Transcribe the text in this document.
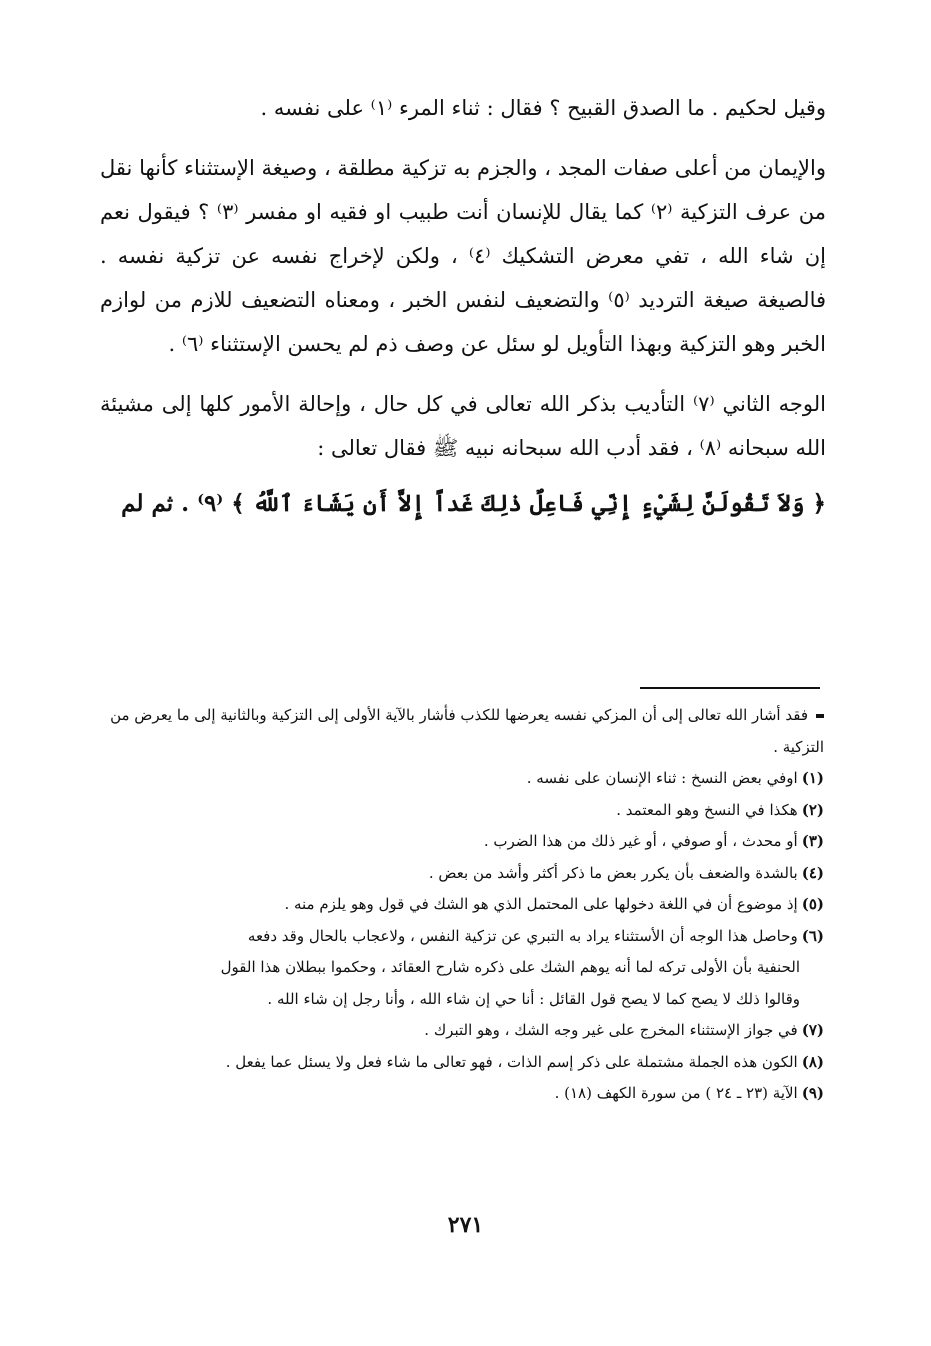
وقيل لحكيم . ما الصدق القبيح ؟ فقال : ثناء المرء ⁽١⁾ على نفسه .

والإيمان من أعلى صفات المجد ، والجزم به تزكية مطلقة ، وصيغة الإستثناء كأنها نقل من عرف التزكية ⁽٢⁾ كما يقال للإنسان أنت طبيب او فقيه او مفسر ⁽٣⁾ ؟ فيقول نعم إن شاء الله ، تفي معرض التشكيك ⁽٤⁾ ، ولكن لإخراج نفسه عن تزكية نفسه . فالصيغة صيغة الترديد ⁽٥⁾ والتضعيف لنفس الخبر ، ومعناه التضعيف للازم من لوازم الخبر وهو التزكية وبهذا التأويل لو سئل عن وصف ذم لم يحسن الإستثناء ⁽٦⁾ .

الوجه الثاني ⁽٧⁾ التأديب بذكر الله تعالى في كل حال ، وإحالة الأمور كلها إلى مشيئة الله سبحانه ⁽٨⁾ ، فقد أدب الله سبحانه نبيه ﷺ فقال تعالى :

﴿ وَلاَ تَقُولَنَّ لِشَيْءٍ إِنِّي فَاعِلٌ ذٰلِكَ غَداً إِلاَّ أَن يَشَاءَ ٱللَّهُ ﴾ ⁽٩⁾ . ثم لم

فقد أشار الله تعالى إلى أن المزكي نفسه يعرضها للكذب فأشار بالآية الأولى إلى التزكية وبالثانية إلى ما يعرض من التزكية .

(١)اوفي بعض النسخ : ثناء الإنسان على نفسه .

(٢)هكذا في النسخ وهو المعتمد .

(٣)أو محدث ، أو صوفي ، أو غير ذلك من هذا الضرب .

(٤)بالشدة والضعف بأن يكرر بعض ما ذكر أكثر وأشد من بعض .

(٥)إذ موضوع أن في اللغة دخولها على المحتمل الذي هو الشك في قول وهو يلزم منه .

(٦)وحاصل هذا الوجه أن الأستثناء يراد به التبري عن تزكية النفس ، ولاعجاب بالحال وقد دفعه

الحنفية بأن الأولى تركه لما أنه يوهم الشك على ذكره شارح العقائد ، وحكموا ببطلان هذا القول

وقالوا ذلك لا يصح كما لا يصح قول القائل : أنا حي إن شاء الله ، وأنا رجل إن شاء الله .

(٧)في جواز الإستثناء المخرج على غير وجه الشك ، وهو التبرك .

(٨)الكون هذه الجملة مشتملة على ذكر إسم الذات ، فهو تعالى ما شاء فعل ولا يسئل عما يفعل .

(٩)الآية (٢٣ ـ ٢٤ ) من سورة الكهف (١٨) .

٢٧١
